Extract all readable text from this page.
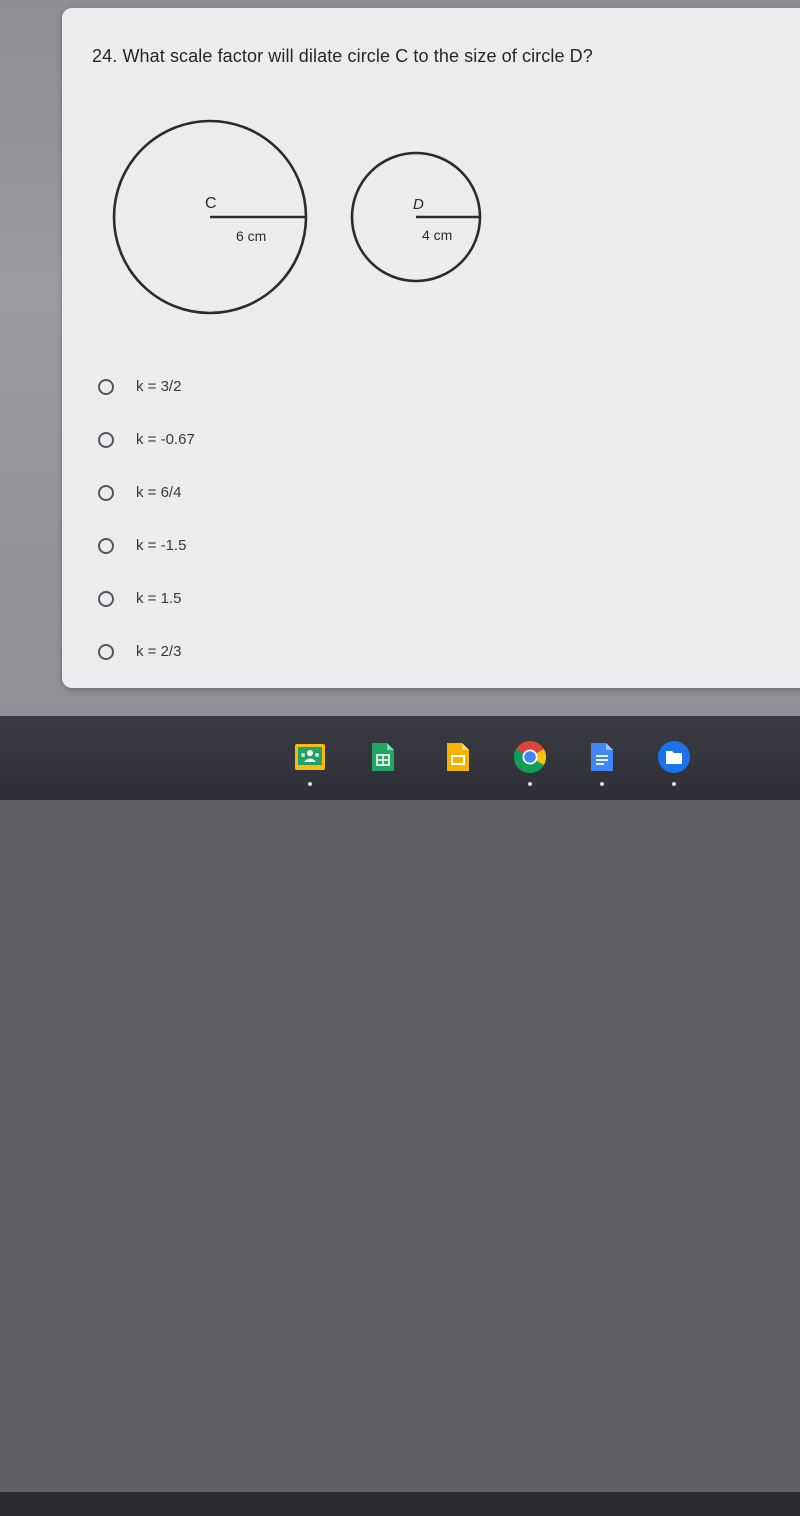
24. What scale factor will dilate circle C to the size of circle D?
C
6 cm
D
4 cm
k = 3/2
k = -0.67
k = 6/4
k = -1.5
k = 1.5
k = 2/3
